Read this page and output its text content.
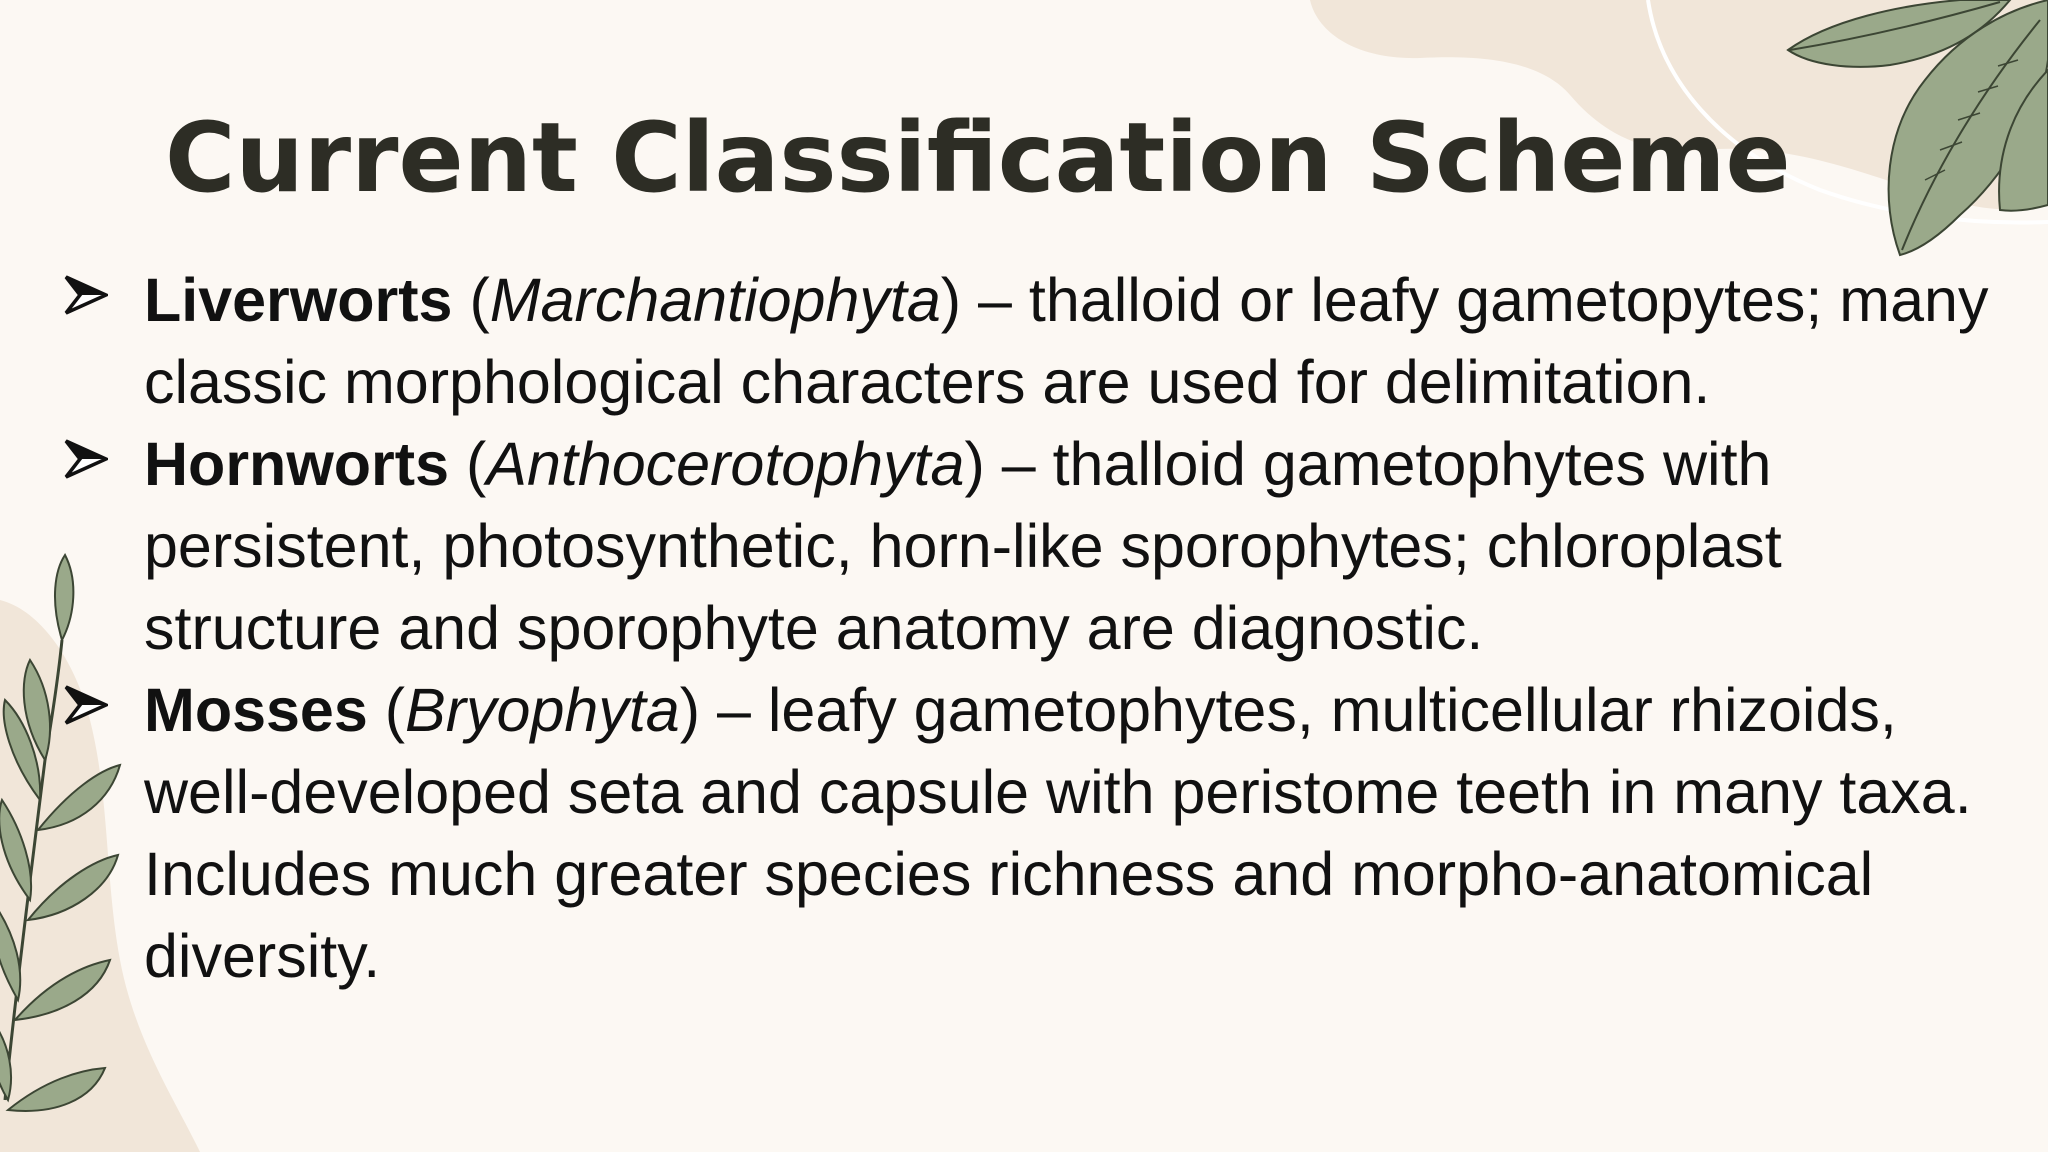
Current Classification Scheme
Liverworts (Marchantiophyta) – thalloid or leafy gametopytes; many classic morphological characters are used for delimitation.
Hornworts (Anthocerotophyta) – thalloid gametophytes with persistent, photosynthetic, horn-like sporophytes; chloroplast structure and sporophyte anatomy are diagnostic.
Mosses (Bryophyta) – leafy gametophytes, multicellular rhizoids, well-developed seta and capsule with peristome teeth in many taxa. Includes much greater species richness and morpho-anatomical diversity.
